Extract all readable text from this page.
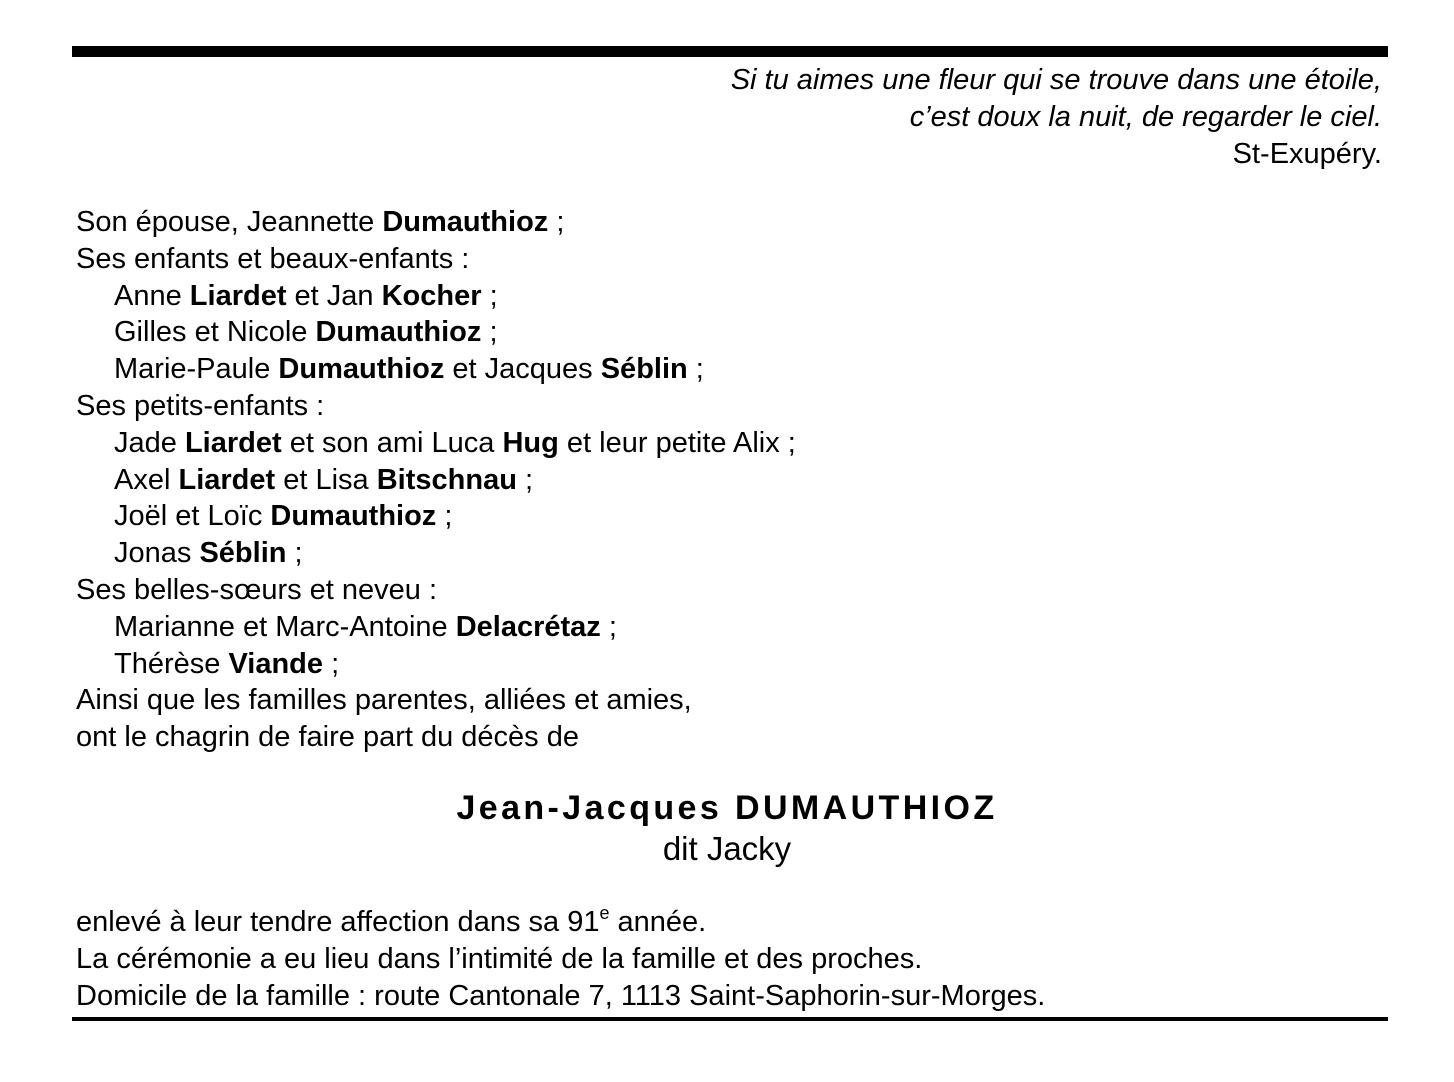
Si tu aimes une fleur qui se trouve dans une étoile,
c’est doux la nuit, de regarder le ciel.
St-Exupéry.
Son épouse, Jeannette Dumauthioz ;
Ses enfants et beaux-enfants :
Anne Liardet et Jan Kocher ;
Gilles et Nicole Dumauthioz ;
Marie-Paule Dumauthioz et Jacques Séblin ;
Ses petits-enfants :
Jade Liardet et son ami Luca Hug et leur petite Alix ;
Axel Liardet et Lisa Bitschnau ;
Joël et Loïc Dumauthioz ;
Jonas Séblin ;
Ses belles-sœurs et neveu :
Marianne et Marc-Antoine Delacrétaz ;
Thérèse Viande ;
Ainsi que les familles parentes, alliées et amies,
ont le chagrin de faire part du décès de
Jean-Jacques DUMAUTHIOZ
dit Jacky
enlevé à leur tendre affection dans sa 91e année.
La cérémonie a eu lieu dans l’intimité de la famille et des proches.
Domicile de la famille : route Cantonale 7, 1113 Saint-Saphorin-sur-Morges.
